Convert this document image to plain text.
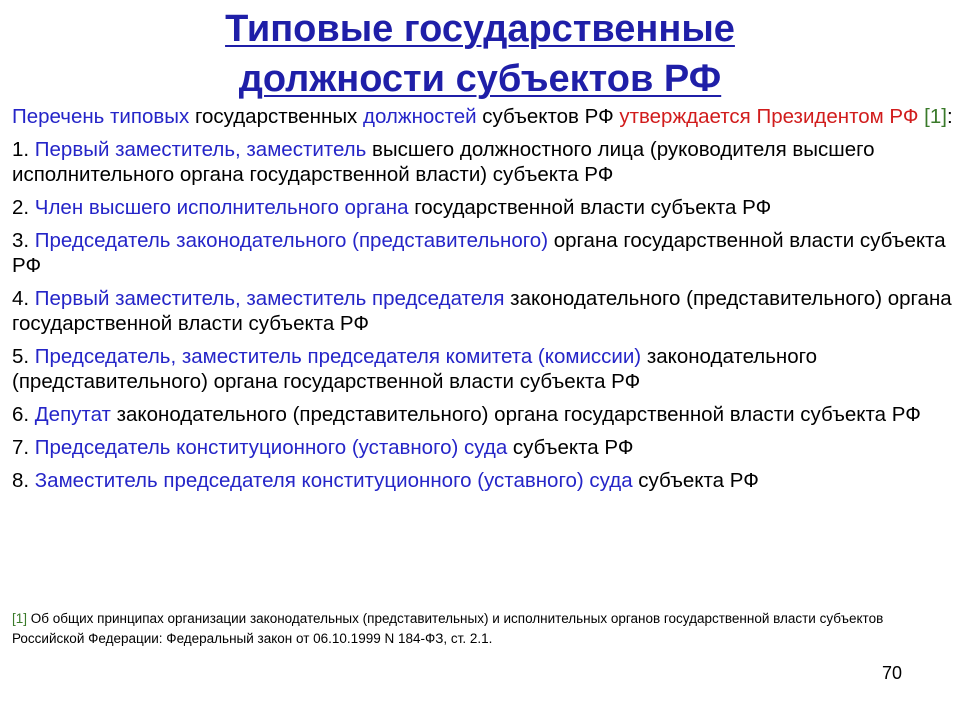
Типовые государственные
должности субъектов РФ

Перечень типовых государственных должностей субъектов РФ утверждается Президентом РФ [1]:

1. Первый заместитель, заместитель высшего должностного лица (руководителя высшего исполнительного органа государственной власти) субъекта РФ

2. Член высшего исполнительного органа государственной власти субъекта РФ

3. Председатель законодательного (представительного) органа государственной власти субъекта РФ

4. Первый заместитель, заместитель председателя законодательного (представительного) органа государственной власти субъекта РФ

5. Председатель, заместитель председателя комитета (комиссии) законодательного (представительного) органа государственной власти субъекта РФ

6. Депутат законодательного (представительного) органа государственной власти субъекта РФ

7. Председатель конституционного (уставного) суда субъекта РФ

8. Заместитель председателя конституционного (уставного) суда субъекта РФ

[1] Об общих принципах организации законодательных (представительных) и исполнительных органов государственной власти субъектов Российской Федерации: Федеральный закон от 06.10.1999 N 184-ФЗ, ст. 2.1.
70
